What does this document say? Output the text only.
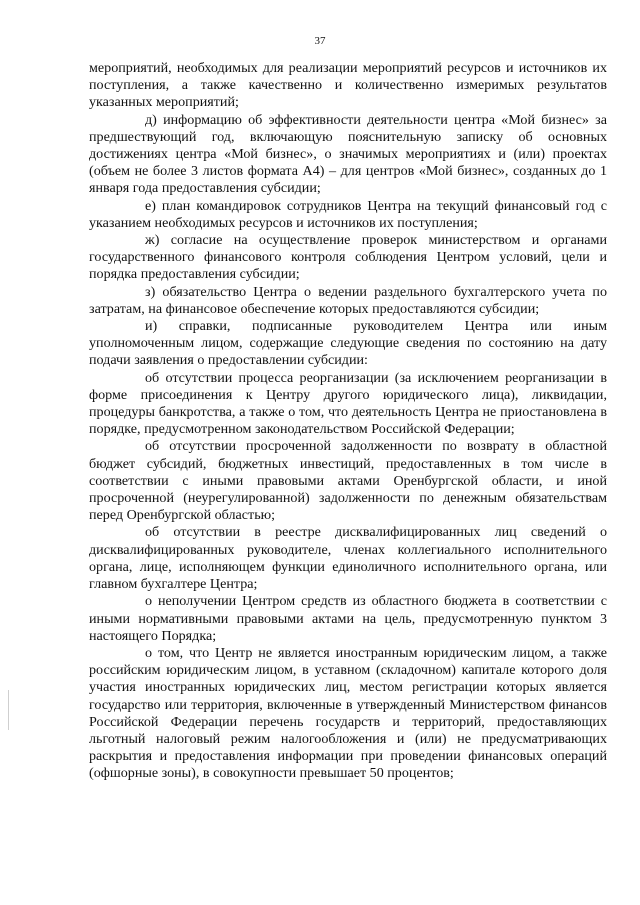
37

мероприятий, необходимых для реализации мероприятий ресурсов и источников их поступления, а также качественно и количественно измеримых результатов указанных мероприятий;

д) информацию об эффективности деятельности центра «Мой бизнес» за предшествующий год, включающую пояснительную записку об основных достижениях центра «Мой бизнес», о значимых мероприятиях и (или) проектах (объем не более 3 листов формата А4) – для центров «Мой бизнес», созданных до 1 января года предоставления субсидии;

е) план командировок сотрудников Центра на текущий финансовый год с указанием необходимых ресурсов и источников их поступления;

ж) согласие на осуществление проверок министерством и органами государственного финансового контроля соблюдения Центром условий, цели и порядка предоставления субсидии;

з) обязательство Центра о ведении раздельного бухгалтерского учета по затратам, на финансовое обеспечение которых предоставляются субсидии;

и) справки, подписанные руководителем Центра или иным уполномоченным лицом, содержащие следующие сведения по состоянию на дату подачи заявления о предоставлении субсидии:

об отсутствии процесса реорганизации (за исключением реорганизации в форме присоединения к Центру другого юридического лица), ликвидации, процедуры банкротства, а также о том, что деятельность Центра не приостановлена в порядке, предусмотренном законодательством Российской Федерации;

об отсутствии просроченной задолженности по возврату в областной бюджет субсидий, бюджетных инвестиций, предоставленных в том числе в соответствии с иными правовыми актами Оренбургской области, и иной просроченной (неурегулированной) задолженности по денежным обязательствам перед Оренбургской областью;

об отсутствии в реестре дисквалифицированных лиц сведений о дисквалифицированных руководителе, членах коллегиального исполнительного органа, лице, исполняющем функции единоличного исполнительного органа, или главном бухгалтере Центра;

о неполучении Центром средств из областного бюджета в соответствии с иными нормативными правовыми актами на цель, предусмотренную пунктом 3 настоящего Порядка;

о том, что Центр не является иностранным юридическим лицом, а также российским юридическим лицом, в уставном (складочном) капитале которого доля участия иностранных юридических лиц, местом регистрации которых является государство или территория, включенные в утвержденный Министерством финансов Российской Федерации перечень государств и территорий, предоставляющих льготный налоговый режим налогообложения и (или) не предусматривающих раскрытия и предоставления информации при проведении финансовых операций (офшорные зоны), в совокупности превышает 50 процентов;
